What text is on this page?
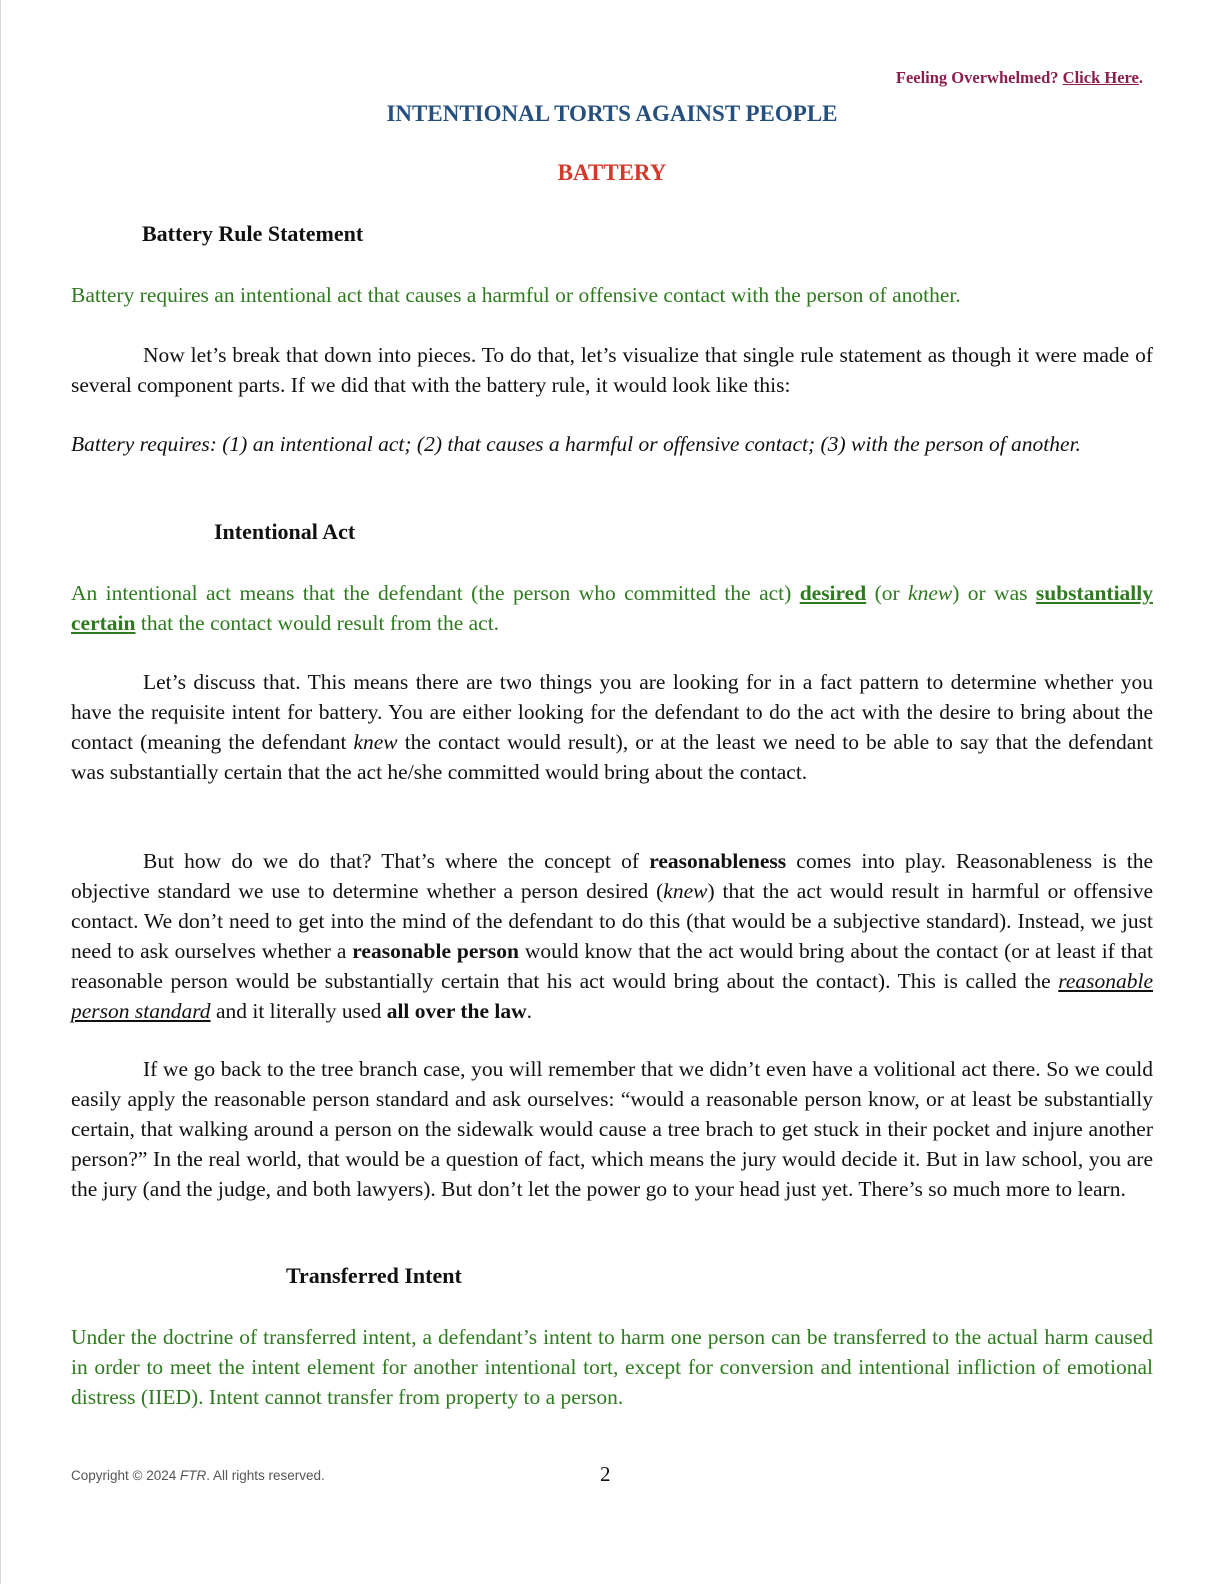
Feeling Overwhelmed? Click Here.
INTENTIONAL TORTS AGAINST PEOPLE
BATTERY
Battery Rule Statement
Battery requires an intentional act that causes a harmful or offensive contact with the person of another.
Now let’s break that down into pieces. To do that, let’s visualize that single rule statement as though it were made of several component parts. If we did that with the battery rule, it would look like this:
Battery requires: (1) an intentional act; (2) that causes a harmful or offensive contact; (3) with the person of another.
Intentional Act
An intentional act means that the defendant (the person who committed the act) desired (or knew) or was substantially certain that the contact would result from the act.
Let’s discuss that. This means there are two things you are looking for in a fact pattern to determine whether you have the requisite intent for battery. You are either looking for the defendant to do the act with the desire to bring about the contact (meaning the defendant knew the contact would result), or at the least we need to be able to say that the defendant was substantially certain that the act he/she committed would bring about the contact.
But how do we do that? That’s where the concept of reasonableness comes into play. Reasonableness is the objective standard we use to determine whether a person desired (knew) that the act would result in harmful or offensive contact. We don’t need to get into the mind of the defendant to do this (that would be a subjective standard). Instead, we just need to ask ourselves whether a reasonable person would know that the act would bring about the contact (or at least if that reasonable person would be substantially certain that his act would bring about the contact). This is called the reasonable person standard and it literally used all over the law.
If we go back to the tree branch case, you will remember that we didn’t even have a volitional act there. So we could easily apply the reasonable person standard and ask ourselves: “would a reasonable person know, or at least be substantially certain, that walking around a person on the sidewalk would cause a tree brach to get stuck in their pocket and injure another person?” In the real world, that would be a question of fact, which means the jury would decide it. But in law school, you are the jury (and the judge, and both lawyers). But don’t let the power go to your head just yet. There’s so much more to learn.
Transferred Intent
Under the doctrine of transferred intent, a defendant’s intent to harm one person can be transferred to the actual harm caused in order to meet the intent element for another intentional tort, except for conversion and intentional infliction of emotional distress (IIED). Intent cannot transfer from property to a person.
Copyright © 2024 FTR. All rights reserved.	2
